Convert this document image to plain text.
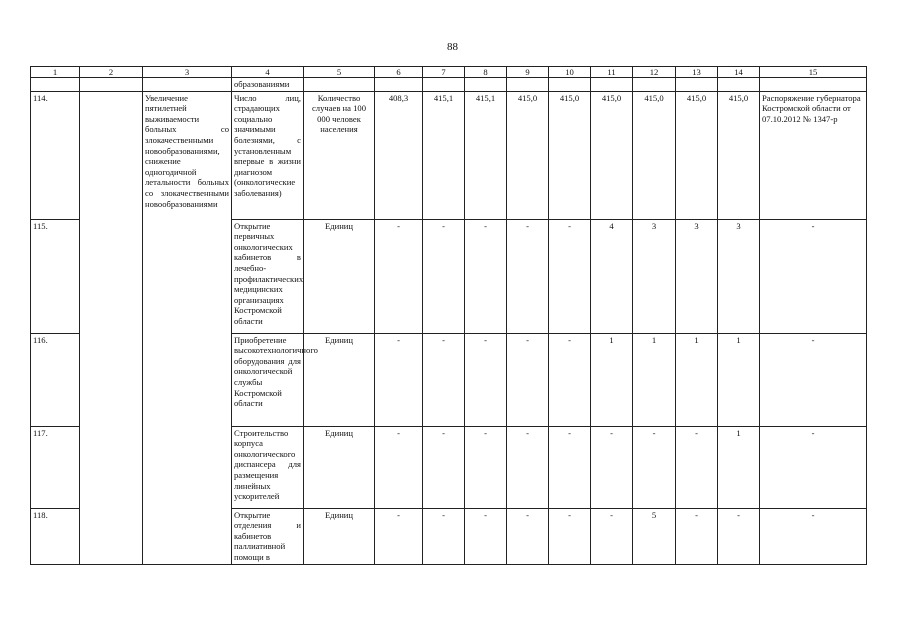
88
1	2	3	4	5	6	7	8	9	10	11	12	13	14	15
			образованиями											
114.		Увеличение пятилетней выживаемости больных со злокачественными новообразованиями, снижение одногодичной летальности больных со злокачественными новообразованиями	Число лиц, страдающих социально значимыми болезнями, с установленным впервые в жизни диагнозом (онкологические заболевания)	Количество случаев на 100 000 человек населения	408,3	415,1	415,1	415,0	415,0	415,0	415,0	415,0	415,0	Распоряжение губернатора Костромской области от 07.10.2012 № 1347-р
115.			Открытие первичных онкологических кабинетов в лечебно-профилактических медицинских организациях Костромской области	Единиц	-	-	-	-	-	4	3	3	3	-
116.			Приобретение высокотехнологичного оборудования для онкологической службы Костромской области	Единиц	-	-	-	-	-	1	1	1	1	-
117.			Строительство корпуса онкологического диспансера для размещения линейных ускорителей	Единиц	-	-	-	-	-	-	-	-	1	-
118.			Открытие отделения и кабинетов паллиативной помощи в	Единиц	-	-	-	-	-	-	5	-	-	-
